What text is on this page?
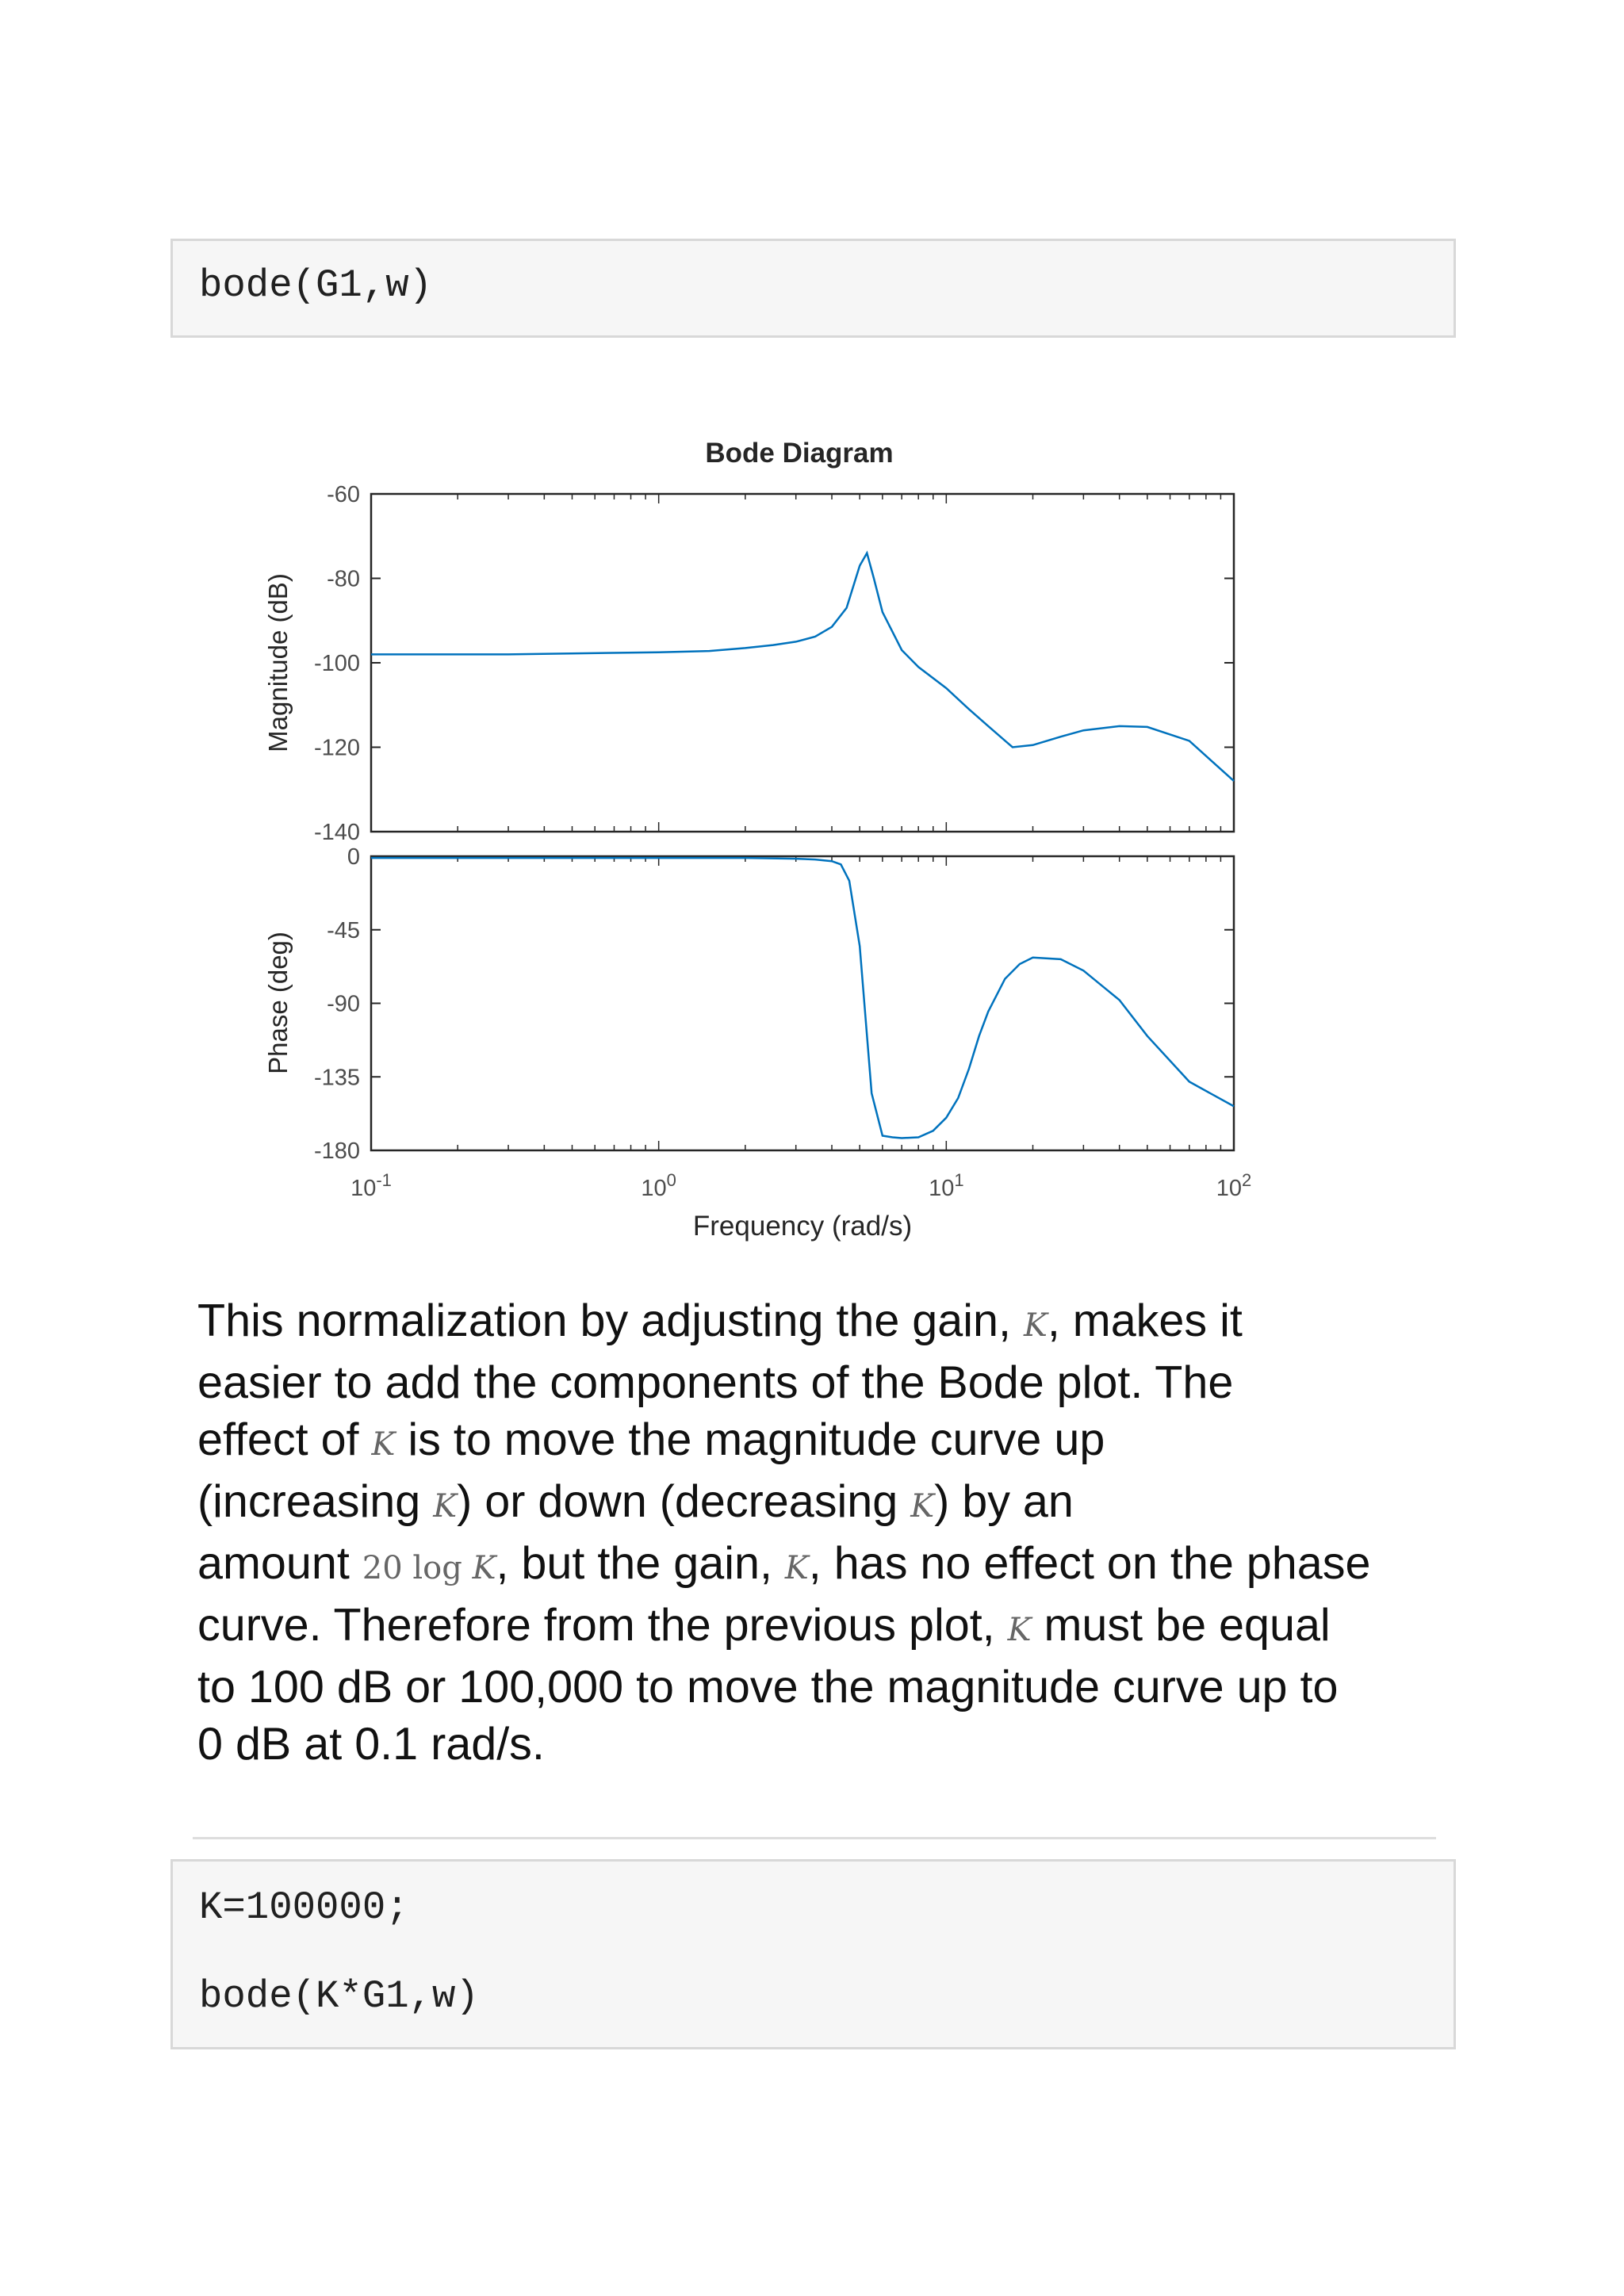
bode(G1,w)
Bode Diagram
-60
-80
-100
-120
-140
0
-45
-90
-135
-180
$10^{-1}$	$10^0$	$10^1$	$10^2$
Magnitude (dB)
Phase (deg)
Frequency (rad/s)
This normalization by adjusting the gain, K, makes it
easier to add the components of the Bode plot. The
effect of K is to move the magnitude curve up
(increasing K) or down (decreasing K) by an
amount 20 log K, but the gain, K, has no effect on the phase
curve. Therefore from the previous plot, K must be equal
to 100 dB or 100,000 to move the magnitude curve up to
0 dB at 0.1 rad/s.
K=100000;
bode(K*G1,w)
